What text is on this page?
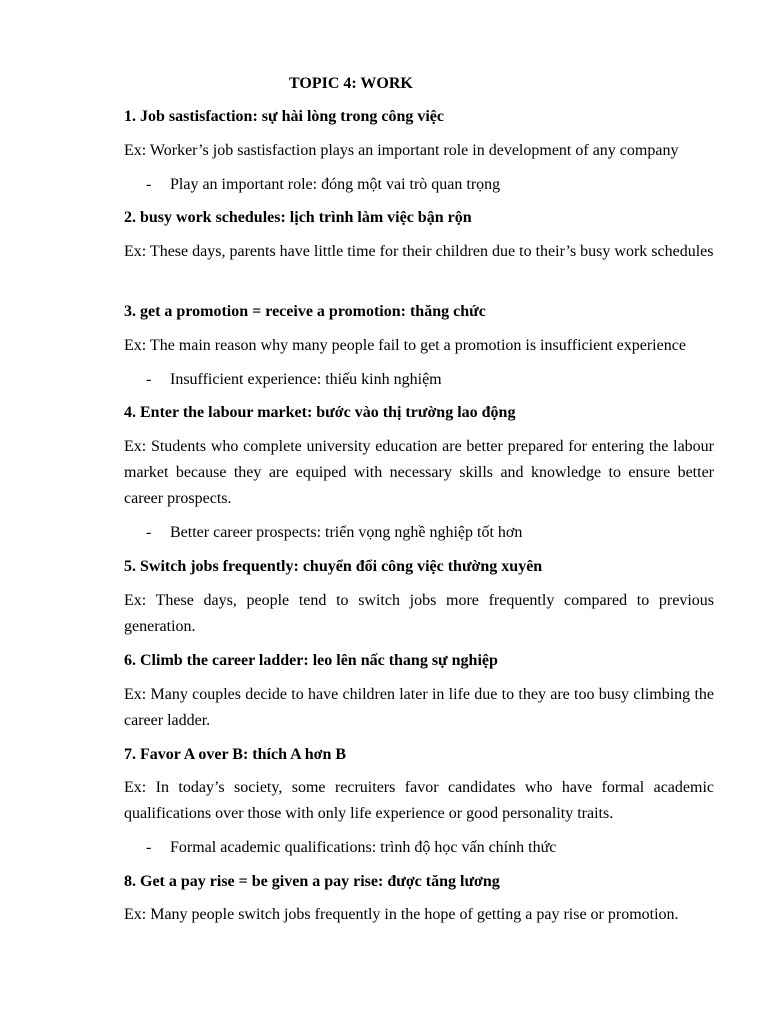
TOPIC 4: WORK
1. Job sastisfaction: sự hài lòng trong công việc
Ex: Worker’s job sastisfaction plays an important role in development of any company
- Play an important role: đóng một vai trò quan trọng
2. busy work schedules: lịch trình làm việc bận rộn
Ex: These days, parents have little time for their children due to their’s busy work schedules
3. get a promotion = receive a promotion: thăng chức
Ex: The main reason why many people fail to get a promotion is insufficient experience
- Insufficient experience: thiếu kinh nghiệm
4. Enter the labour market: bước vào thị trường lao động
Ex: Students who complete university education are better prepared for entering the labour market because they are equiped with necessary skills and knowledge to ensure better career prospects.
- Better career prospects: triển vọng nghề nghiệp tốt hơn
5. Switch jobs frequently: chuyển đổi công việc thường xuyên
Ex: These days, people tend to switch jobs more frequently compared to previous generation.
6. Climb the career ladder: leo lên nấc thang sự nghiệp
Ex: Many couples decide to have children later in life due to they are too busy climbing the career ladder.
7. Favor A over B: thích A hơn B
Ex: In today’s society, some recruiters favor candidates who have formal academic qualifications over those with only life experience or good personality traits.
- Formal academic qualifications: trình độ học vấn chính thức
8. Get a pay rise = be given a pay rise: được tăng lương
Ex: Many people switch jobs frequently in the hope of getting a pay rise or promotion.
